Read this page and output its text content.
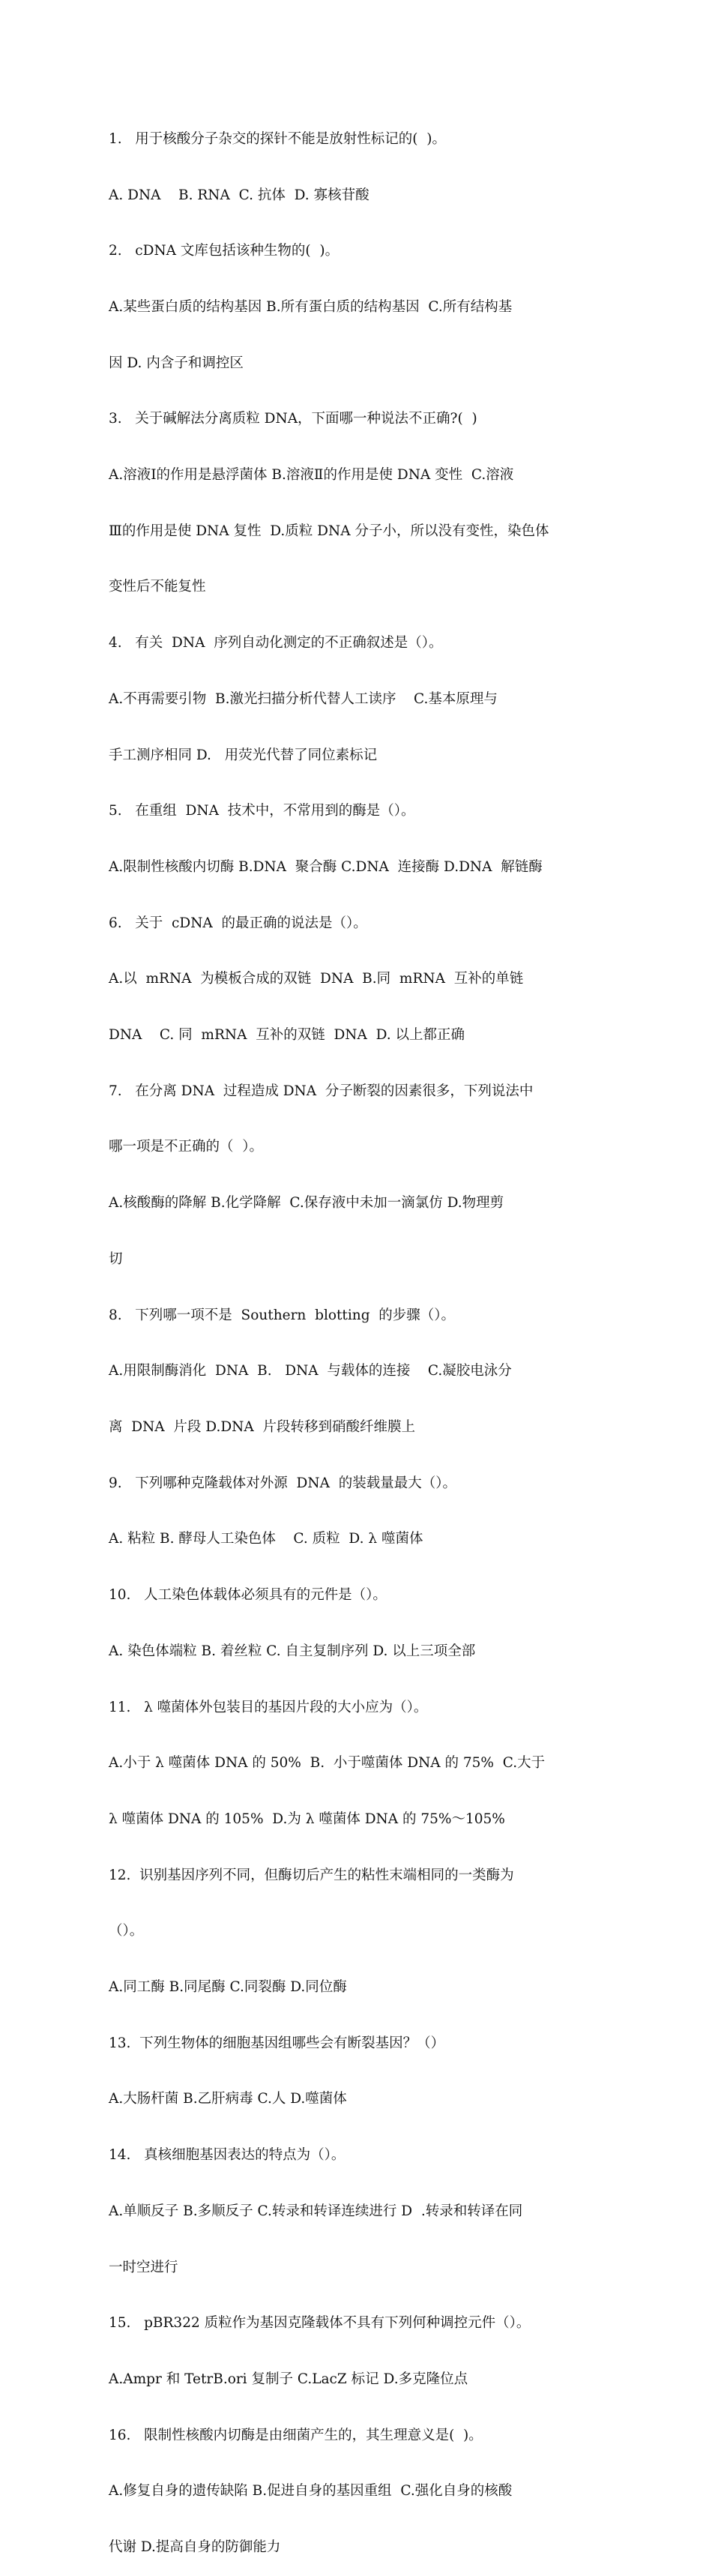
1.   用于核酸分子杂交的探针不能是放射性标记的(  )。

A. DNA    B. RNA  C. 抗体  D. 寡核苷酸

2.   cDNA 文库包括该种生物的(  )。

A.某些蛋白质的结构基因 B.所有蛋白质的结构基因  C.所有结构基

因 D. 内含子和调控区

3.   关于碱解法分离质粒 DNA，下面哪一种说法不正确?(  )

A.溶液Ⅰ的作用是悬浮菌体 B.溶液Ⅱ的作用是使 DNA 变性  C.溶液

Ⅲ的作用是使 DNA 复性  D.质粒 DNA 分子小，所以没有变性，染色体

变性后不能复性

4.   有关  DNA  序列自动化测定的不正确叙述是（）。

A.不再需要引物  B.激光扫描分析代替人工读序    C.基本原理与

手工测序相同 D.   用荧光代替了同位素标记

5.   在重组  DNA  技术中，不常用到的酶是（）。

A.限制性核酸内切酶 B.DNA  聚合酶 C.DNA  连接酶 D.DNA  解链酶

6.   关于  cDNA  的最正确的说法是（）。

A.以  mRNA  为模板合成的双链  DNA  B.同  mRNA  互补的单链

DNA    C. 同  mRNA  互补的双链  DNA  D. 以上都正确

7.   在分离 DNA  过程造成 DNA  分子断裂的因素很多，下列说法中

哪一项是不正确的（  ）。

A.核酸酶的降解 B.化学降解  C.保存液中未加一滴氯仿 D.物理剪

切

8.   下列哪一项不是  Southern  blotting  的步骤（）。

A.用限制酶消化  DNA  B.   DNA  与载体的连接    C.凝胶电泳分

离  DNA  片段 D.DNA  片段转移到硝酸纤维膜上

9.   下列哪种克隆载体对外源  DNA  的装载量最大（）。

A. 粘粒 B. 酵母人工染色体    C. 质粒  D. λ 噬菌体

10.   人工染色体载体必须具有的元件是（）。

A. 染色体端粒 B. 着丝粒 C. 自主复制序列 D. 以上三项全部

11.   λ 噬菌体外包装目的基因片段的大小应为（）。

A.小于 λ 噬菌体 DNA 的 50%  B.  小于噬菌体 DNA 的 75%  C.大于

λ 噬菌体 DNA 的 105%  D.为 λ 噬菌体 DNA 的 75%～105%

12.  识别基因序列不同，但酶切后产生的粘性末端相同的一类酶为

（）。

A.同工酶 B.同尾酶 C.同裂酶 D.同位酶

13.  下列生物体的细胞基因组哪些会有断裂基因？（）

A.大肠杆菌 B.乙肝病毒 C.人 D.噬菌体

14.   真核细胞基因表达的特点为（）。

A.单顺反子 B.多顺反子 C.转录和转译连续进行 D  .转录和转译在同

一时空进行

15.   pBR322 质粒作为基因克隆载体不具有下列何种调控元件（）。

A.Ampr 和 TetrB.ori 复制子 C.LacZ 标记 D.多克隆位点

16.   限制性核酸内切酶是由细菌产生的，其生理意义是(  )。

A.修复自身的遗传缺陷 B.促进自身的基因重组  C.强化自身的核酸

代谢 D.提高自身的防御能力
